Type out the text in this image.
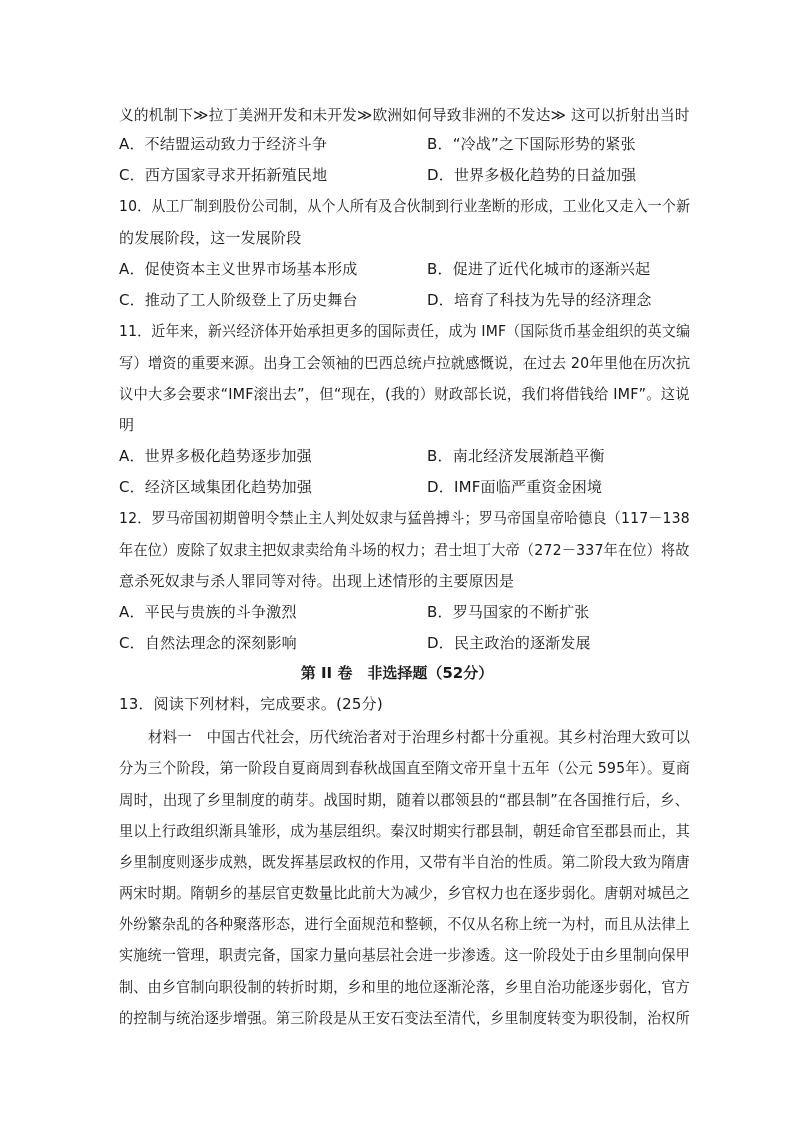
义的机制下≫拉丁美洲开发和未开发≫欧洲如何导致非洲的不发达≫ 这可以折射出当时
A．不结盟运动致力于经济斗争	B．“冷战”之下国际形势的紧张
C．西方国家寻求开拓新殖民地	D．世界多极化趋势的日益加强
10．从工厂制到股份公司制，从个人所有及合伙制到行业垄断的形成，工业化又走入一个新
的发展阶段，这一发展阶段
A．促使资本主义世界市场基本形成	B．促进了近代化城市的逐渐兴起
C．推动了工人阶级登上了历史舞台	D．培育了科技为先导的经济理念
11．近年来，新兴经济体开始承担更多的国际责任，成为 IMF（国际货币基金组织的英文编
写）增资的重要来源。出身工会领袖的巴西总统卢拉就感慨说，在过去 20年里他在历次抗
议中大多会要求“IMF滚出去”，但“现在，(我的）财政部长说，我们将借钱给 IMF”。这说
明
A．世界多极化趋势逐步加强	B．南北经济发展渐趋平衡
C．经济区域集团化趋势加强	D．IMF面临严重资金困境
12．罗马帝国初期曾明令禁止主人判处奴隶与猛兽搏斗；罗马帝国皇帝哈德良（117－138
年在位）废除了奴隶主把奴隶卖给角斗场的权力；君士坦丁大帝（272－337年在位）将故
意杀死奴隶与杀人罪同等对待。出现上述情形的主要原因是
A．平民与贵族的斗争激烈	B．罗马国家的不断扩张
C．自然法理念的深刻影响	D．民主政治的逐渐发展
第 II 卷　非选择题（52分）
13．阅读下列材料，完成要求。(25分)
材料一　中国古代社会，历代统治者对于治理乡村都十分重视。其乡村治理大致可以
分为三个阶段，第一阶段自夏商周到春秋战国直至隋文帝开皇十五年（公元 595年）。夏商
周时，出现了乡里制度的萌芽。战国时期，随着以郡领县的“郡县制”在各国推行后，乡、
里以上行政组织渐具雏形，成为基层组织。秦汉时期实行郡县制，朝廷命官至郡县而止，其
乡里制度则逐步成熟，既发挥基层政权的作用，又带有半自治的性质。第二阶段大致为隋唐
两宋时期。隋朝乡的基层官吏数量比此前大为减少，乡官权力也在逐步弱化。唐朝对城邑之
外纷繁杂乱的各种聚落形态，进行全面规范和整顿，不仅从名称上统一为村，而且从法律上
实施统一管理，职责完备，国家力量向基层社会进一步渗透。这一阶段处于由乡里制向保甲
制、由乡官制向职役制的转折时期，乡和里的地位逐渐沦落，乡里自治功能逐步弱化，官方
的控制与统治逐步增强。第三阶段是从王安石变法至清代，乡里制度转变为职役制，治权所
